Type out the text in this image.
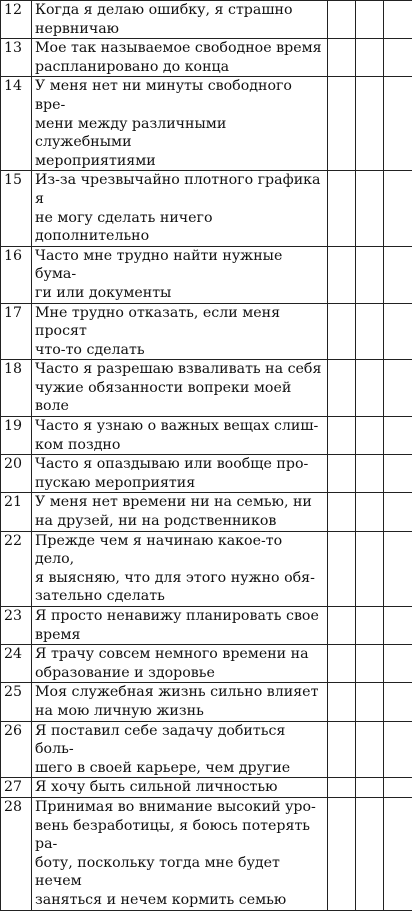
12	Когда я делаю ошибку, я страшно
нервничаю			

13	Мое так называемое свободное время
распланировано до конца			

14	У меня нет ни минуты свободного вре-
мени между различными служебными
мероприятиями			

15	Из-за чрезвычайно плотного графика я
не могу сделать ничего дополнительно			

16	Часто мне трудно найти нужные бума-
ги или документы			

17	Мне трудно отказать, если меня просят
что-то сделать			

18	Часто я разрешаю взваливать на себя
чужие обязанности вопреки моей воле			

19	Часто я узнаю о важных вещах слиш-
ком поздно			

20	Часто я опаздываю или вообще про-
пускаю мероприятия			

21	У меня нет времени ни на семью, ни
на друзей, ни на родственников			

22	Прежде чем я начинаю какое-то дело,
я выясняю, что для этого нужно обя-
зательно сделать			

23	Я просто ненавижу планировать свое
время			

24	Я трачу совсем немного времени на
образование и здоровье			

25	Моя служебная жизнь сильно влияет
на мою личную жизнь			

26	Я поставил себе задачу добиться боль-
шего в своей карьере, чем другие			

27	Я хочу быть сильной личностью			

28	Принимая во внимание высокий уро-
вень безработицы, я боюсь потерять ра-
боту, поскольку тогда мне будет нечем
заняться и нечем кормить семью			
